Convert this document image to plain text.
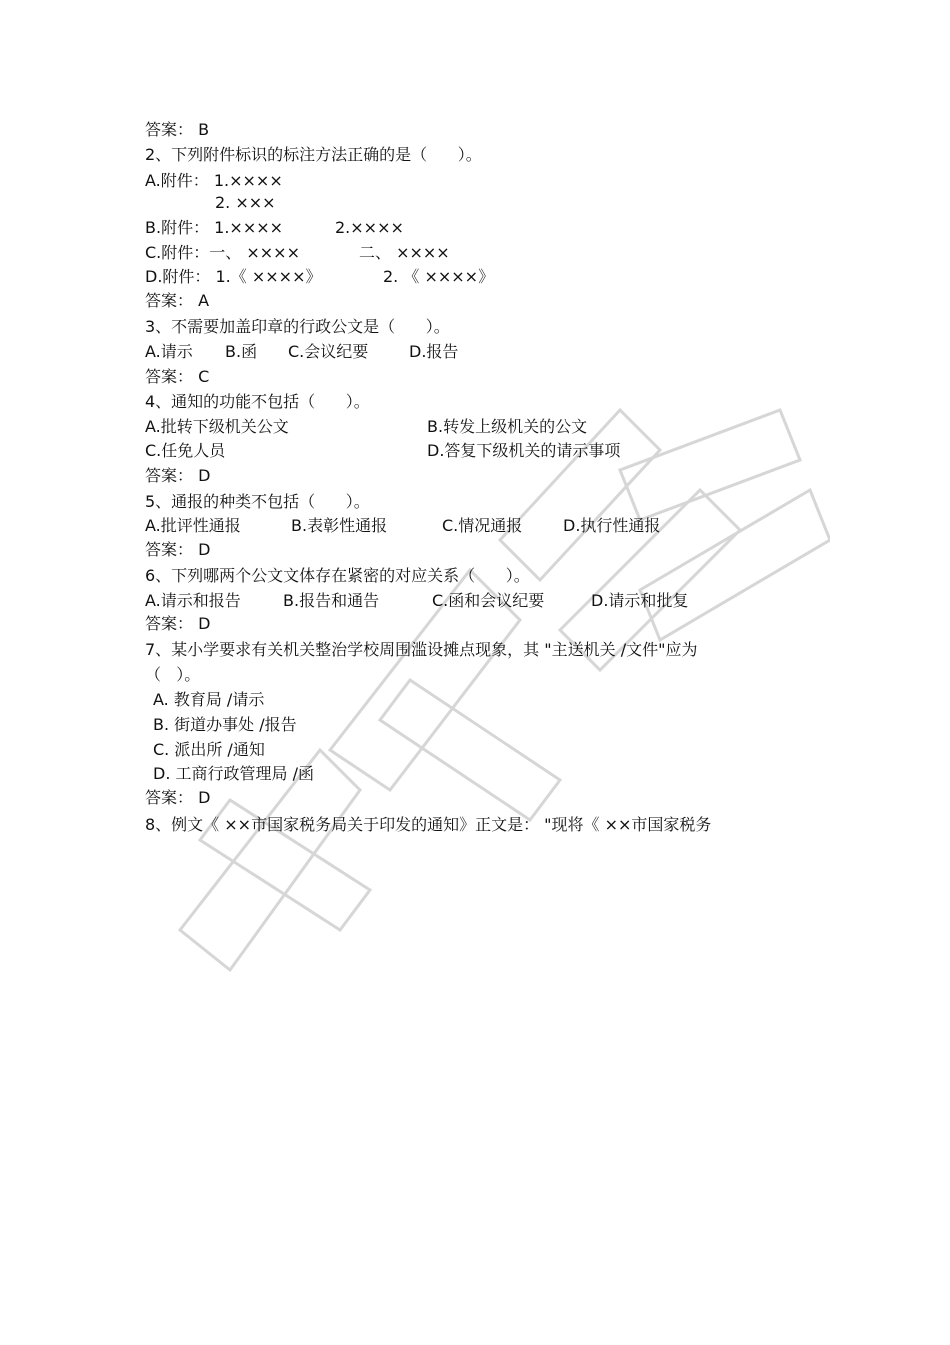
答案： B
2、下列附件标识的标注方法正确的是（      ）。
A.附件： 1.××××
2. ×××
B.附件： 1.××××	2.××××
C.附件：一、 ××××	二、 ××××
D.附件： 1.《 ××××》	2. 《 ××××》
答案： A
3、不需要加盖印章的行政公文是（      ）。

A.请示 B.函 C.会议纪要	D.报告

答案： C
4、通知的功能不包括（      ）。
A.批转下级机关公文	B.转发上级机关的公文
C.任免人员	D.答复下级机关的请示事项
答案： D
5、通报的种类不包括（      ）。

A.批评性通报	B.表彰性通报	C.情况通报	D.执行性通报

答案： D
6、下列哪两个公文文体存在紧密的对应关系（      ）。

A.请示和报告	B.报告和通告	C.函和会议纪要	D.请示和批复

答案： D
7、某小学要求有关机关整治学校周围滥设摊点现象，其 "主送机关 /文件"应为
（   ）。
A. 教育局 /请示
B. 街道办事处 /报告
C. 派出所 /通知
D. 工商行政管理局 /函
答案： D
8、例文《 ××市国家税务局关于印发的通知》正文是： "现将《 ××市国家税务
